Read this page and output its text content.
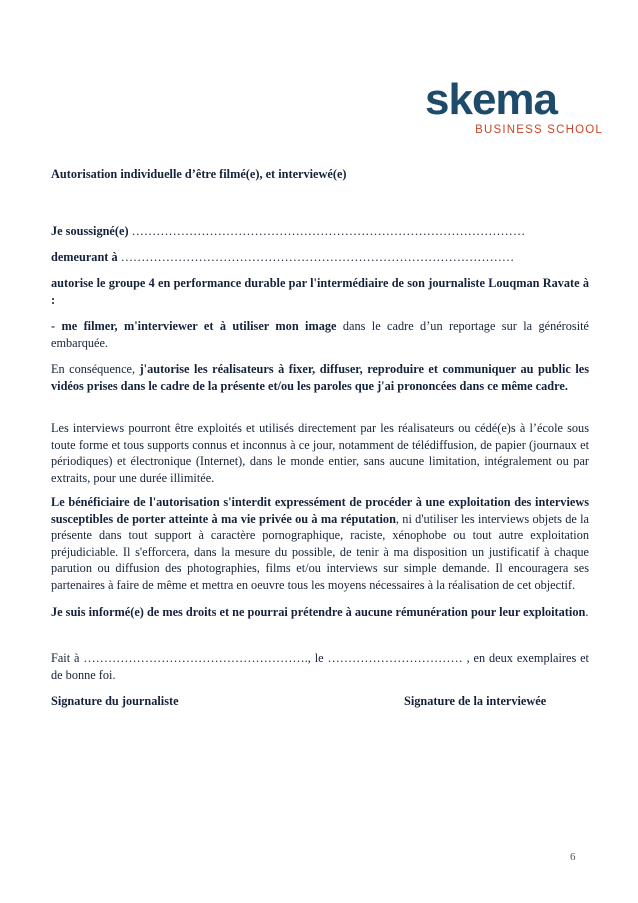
skema
BUSINESS SCHOOL

Autorisation individuelle d’être filmé(e), et interviewé(e)

Je soussigné(e) ……………………………………………………………………………………

demeurant à ……………………………………………………………………………………

autorise le groupe 4 en performance durable par l'intermédiaire de son journaliste Louqman Ravate à :

- me filmer, m'interviewer et à utiliser mon image dans le cadre d’un reportage sur la générosité embarquée.

En conséquence, j'autorise les réalisateurs à fixer, diffuser, reproduire et communiquer au public les vidéos prises dans le cadre de la présente et/ou les paroles que j'ai prononcées dans ce même cadre.

Les interviews pourront être exploités et utilisés directement par les réalisateurs ou cédé(e)s à l’école sous toute forme et tous supports connus et inconnus à ce jour, notamment de télédiffusion, de papier (journaux et périodiques) et électronique (Internet), dans le monde entier, sans aucune limitation, intégralement ou par extraits, pour une durée illimitée.

Le bénéficiaire de l'autorisation s'interdit expressément de procéder à une exploitation des interviews susceptibles de porter atteinte à ma vie privée ou à ma réputation, ni d'utiliser les interviews objets de la présente dans tout support à caractère pornographique, raciste, xénophobe ou tout autre exploitation préjudiciable. Il s'efforcera, dans la mesure du possible, de tenir à ma disposition un justificatif à chaque parution ou diffusion des photographies, films et/ou interviews sur simple demande. Il encouragera ses partenaires à faire de même et mettra en oeuvre tous les moyens nécessaires à la réalisation de cet objectif.

Je suis informé(e) de mes droits et ne pourrai prétendre à aucune rémunération pour leur exploitation.

Fait à ………………………………………………., le …………………………… , en deux exemplaires et de bonne foi.

Signature du journaliste	Signature de la interviewée
6
